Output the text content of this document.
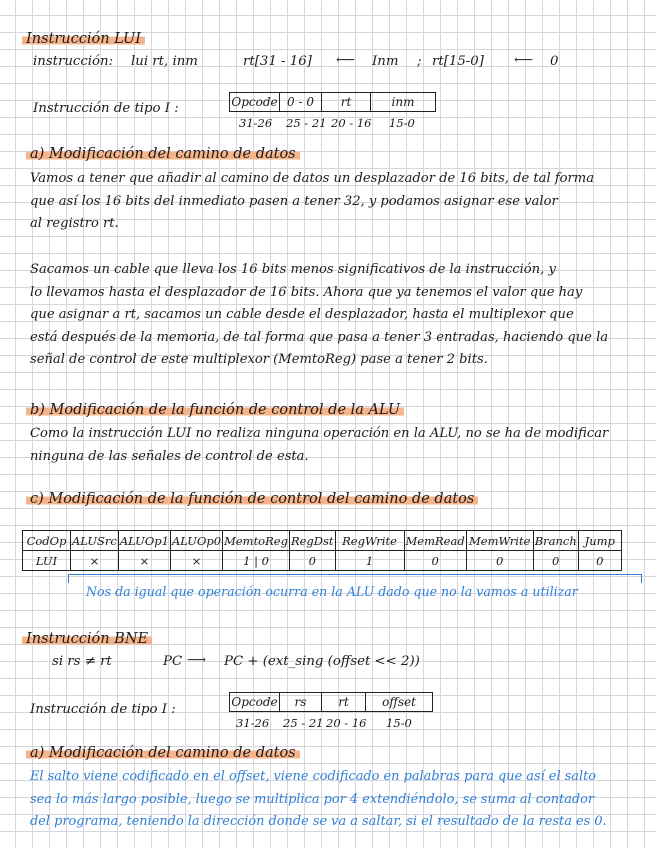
Instrucción LUI
instrucción: lui rt, inm	rt[31 - 16] ⟵ Inm ; rt[15-0] ⟵ 0
Instrucción de tipo I :	Opcode	0 - 0	rt	inm
31-26 25 - 21 20 - 16 15-0
a) Modificación del camino de datos
Vamos a tener que añadir al camino de datos un desplazador de 16 bits, de tal forma
que así los 16 bits del inmediato pasen a tener 32, y podamos asignar ese valor
al registro rt.
Sacamos un cable que lleva los 16 bits menos significativos de la instrucción, y
lo llevamos hasta el desplazador de 16 bits. Ahora que ya tenemos el valor que hay
que asignar a rt, sacamos un cable desde el desplazador, hasta el multiplexor que
está después de la memoria, de tal forma que pasa a tener 3 entradas, haciendo que la
señal de control de este multiplexor (MemtoReg) pase a tener 2 bits.
b) Modificación de la función de control de la ALU
Como la instrucción LUI no realiza ninguna operación en la ALU, no se ha de modificar
ninguna de las señales de control de esta.
c) Modificación de la función de control del camino de datos
CodOp	ALUSrc	ALUOp1	ALUOp0	MemtoReg	RegDst	RegWrite	MemRead	MemWrite	Branch	Jump
LUI	×	×	×	1 | 0	0	1	0	0	0	0
Nos da igual que operación ocurra en la ALU dado que no la vamos a utilizar
Instrucción BNE
si rs ≠ rt	PC ⟶ PC + (ext_sing (offset << 2))
Instrucción de tipo I :	Opcode	rs	rt	offset
31-26 25 - 21 20 - 16 15-0
a) Modificación del camino de datos
El salto viene codificado en el offset, viene codificado en palabras para que así el salto
sea lo más largo posible, luego se multiplica por 4 extendiéndolo, se suma al contador
del programa, teniendo la dirección donde se va a saltar, si el resultado de la resta es 0.
